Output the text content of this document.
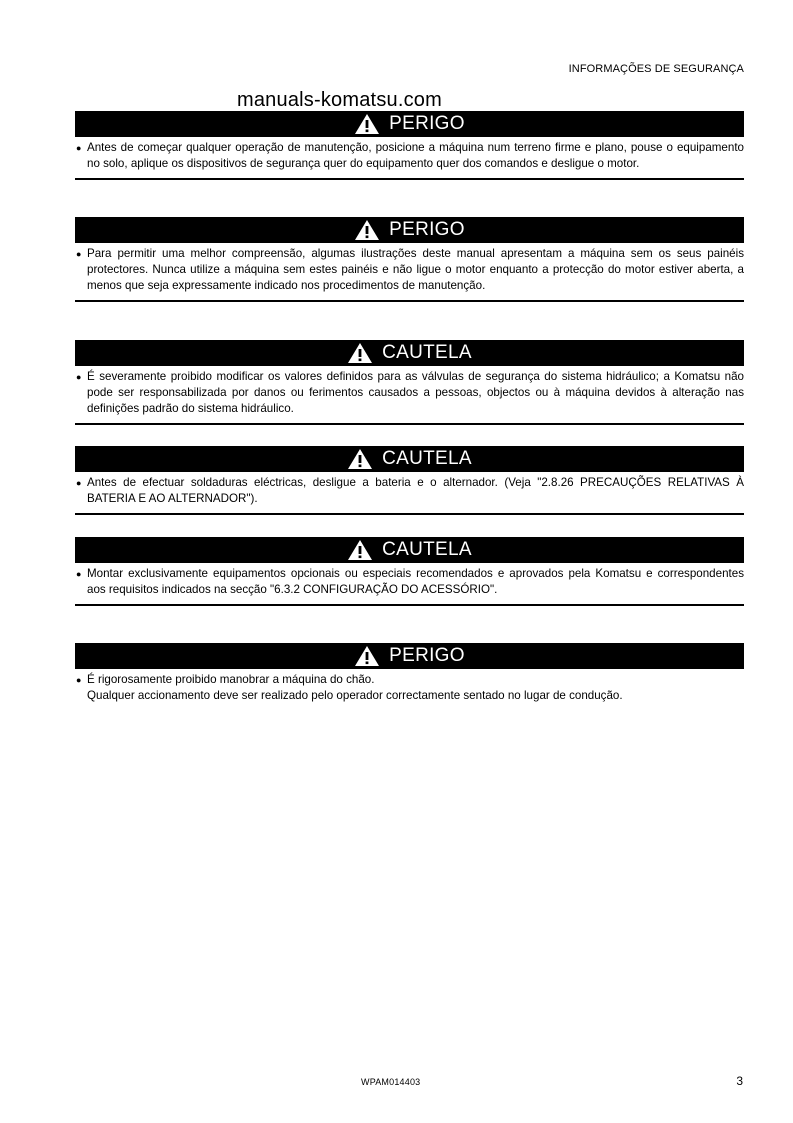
INFORMAÇÕES DE SEGURANÇA
manuals-komatsu.com
PERIGO
● Antes de começar qualquer operação de manutenção, posicione a máquina num terreno firme e plano, pouse o equipamento no solo, aplique os dispositivos de segurança quer do equipamento quer dos comandos e desligue o motor.
PERIGO
● Para permitir uma melhor compreensão, algumas ilustrações deste manual apresentam a máquina sem os seus painéis protectores. Nunca utilize a máquina sem estes painéis e não ligue o motor enquanto a protecção do motor estiver aberta, a menos que seja expressamente indicado nos procedimentos de manutenção.
CAUTELA
● É severamente proibido modificar os valores definidos para as válvulas de segurança do sistema hidráulico; a Komatsu não pode ser responsabilizada por danos ou ferimentos causados a pessoas, objectos ou à máquina devidos à alteração nas definições padrão do sistema hidráulico.
CAUTELA
● Antes de efectuar soldaduras eléctricas, desligue a bateria e o alternador. (Veja "2.8.26 PRECAUÇÕES RELATIVAS À BATERIA E AO ALTERNADOR").
CAUTELA
● Montar exclusivamente equipamentos opcionais ou especiais recomendados e aprovados pela Komatsu e correspondentes aos requisitos indicados na secção "6.3.2 CONFIGURAÇÃO DO ACESSÓRIO".
PERIGO
● É rigorosamente proibido manobrar a máquina do chão.
Qualquer accionamento deve ser realizado pelo operador correctamente sentado no lugar de condução.
WPAM014403	3
